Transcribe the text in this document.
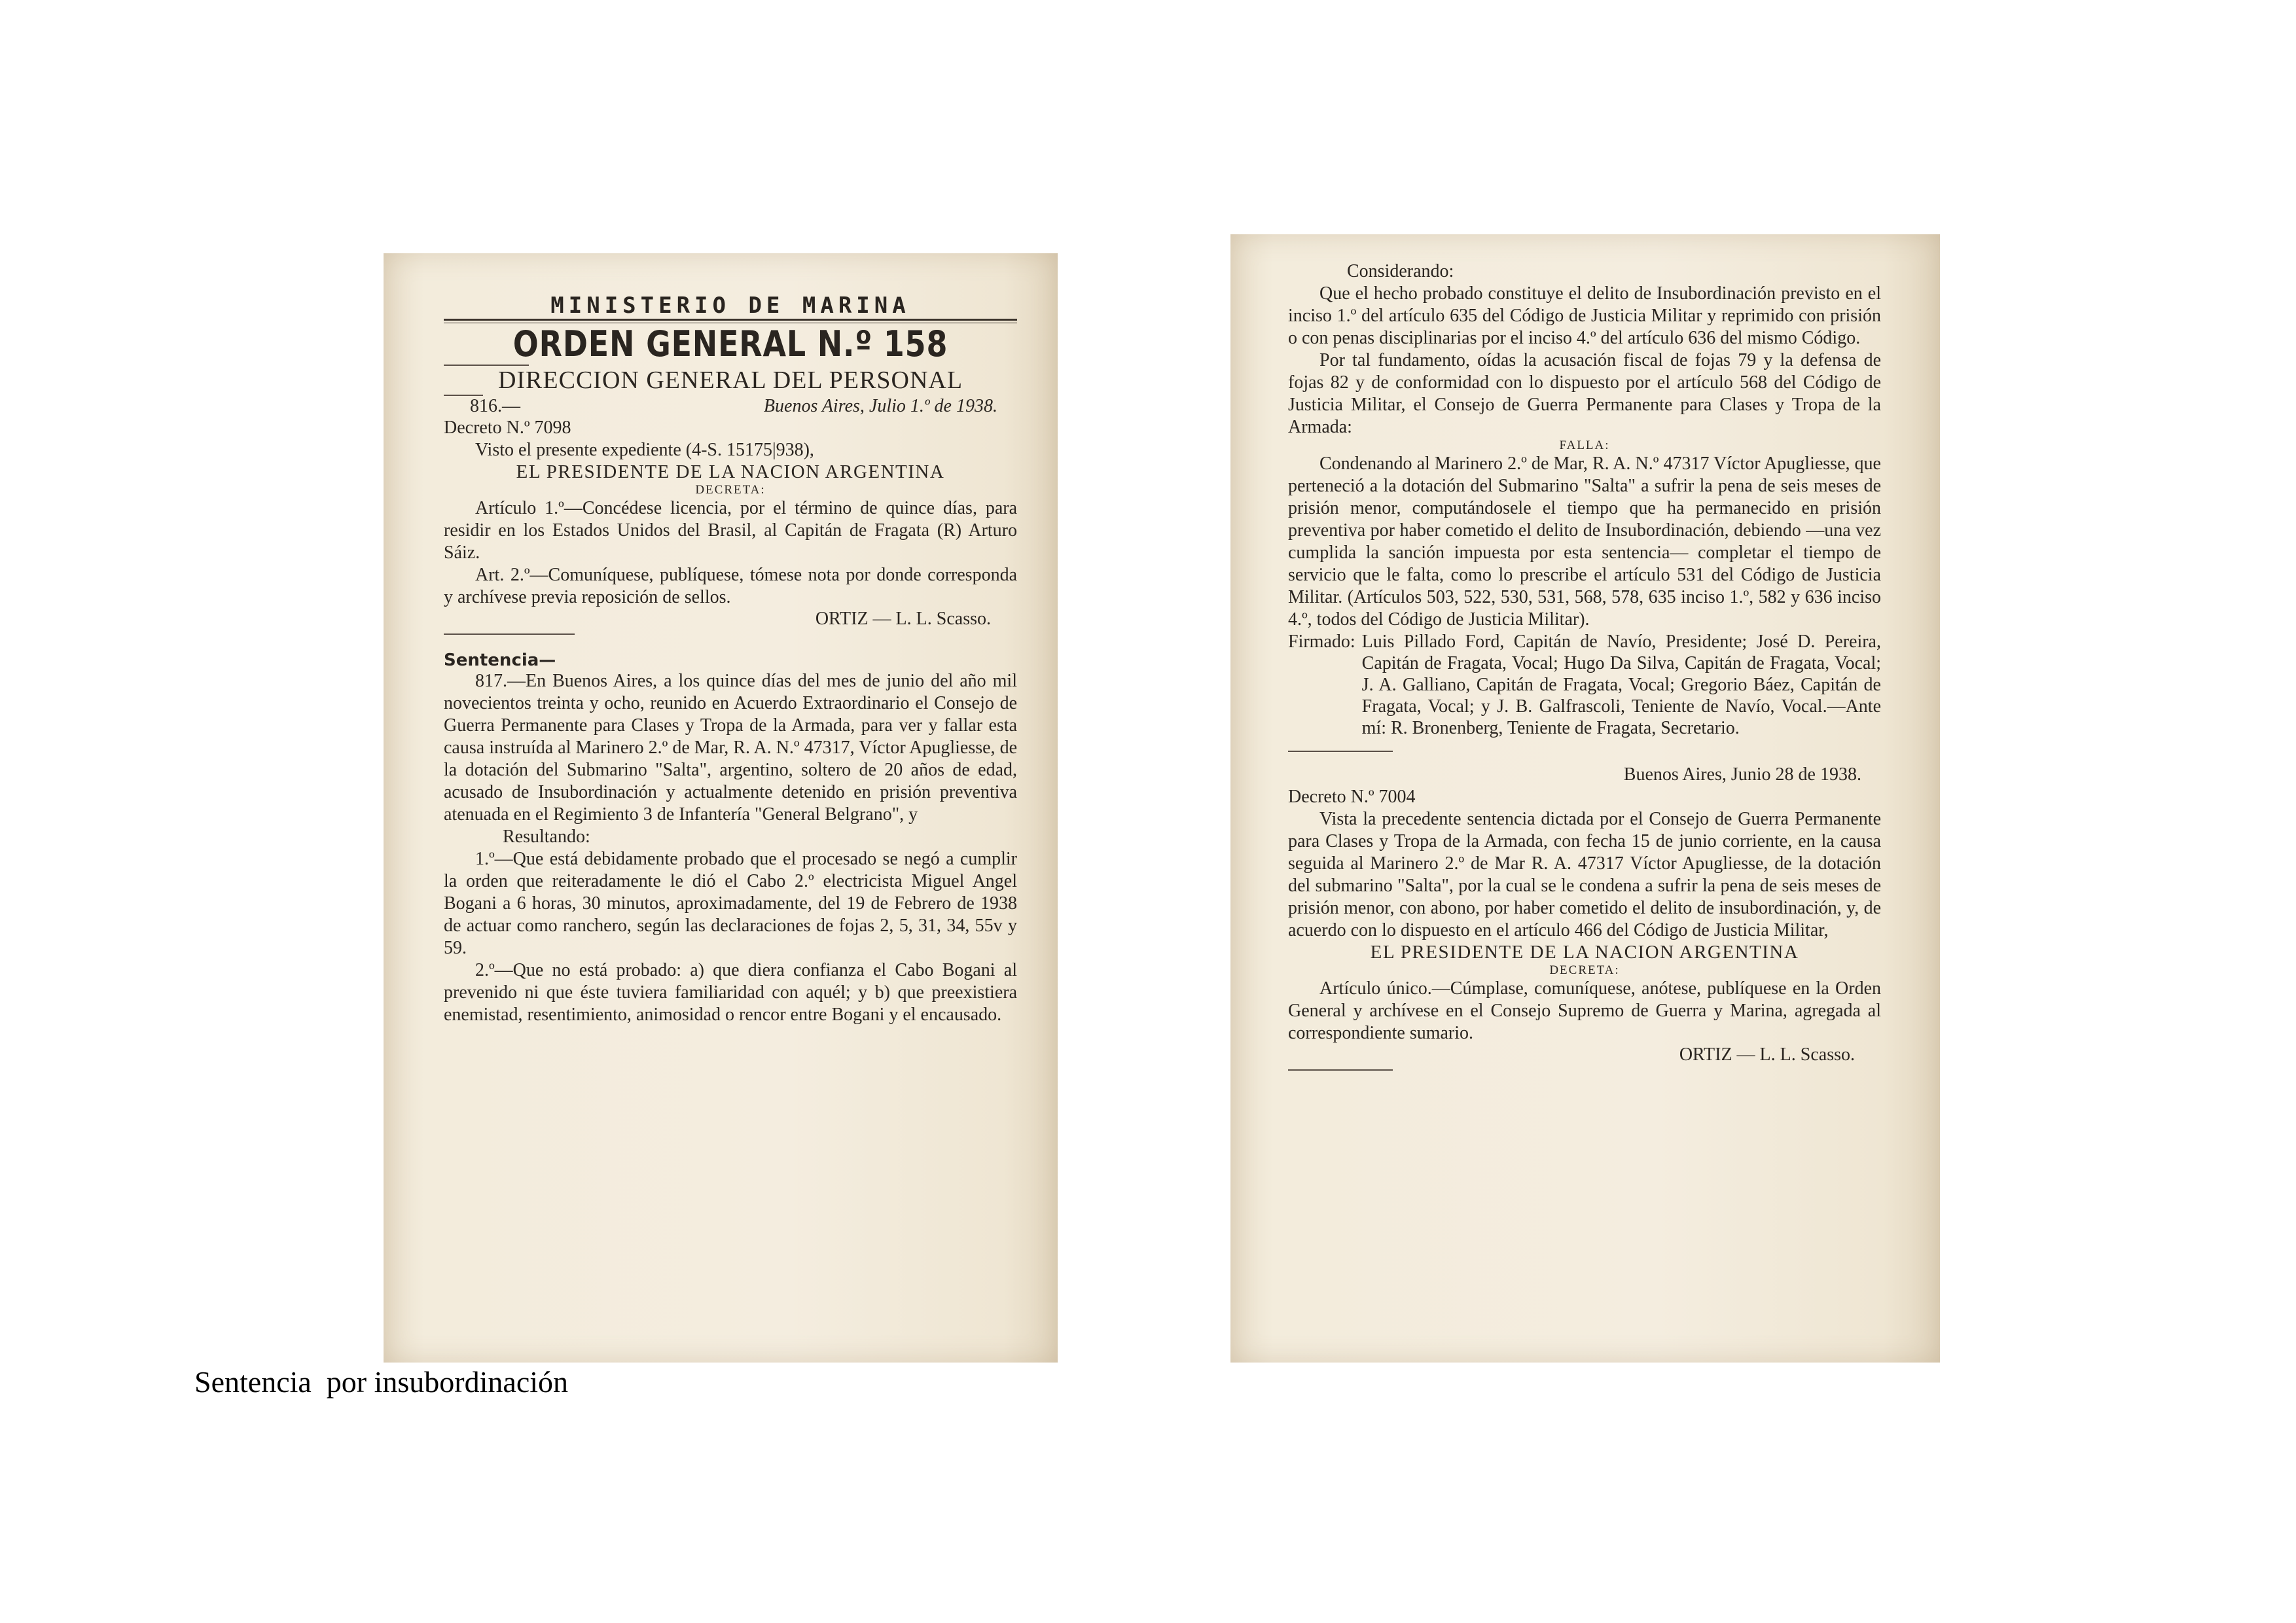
MINISTERIO DE MARINA
ORDEN GENERAL N.º 158
DIRECCION GENERAL DEL PERSONAL
816.—	Buenos Aires, Julio 1.º de 1938.

Decreto N.º 7098

Visto el presente expediente (4-S. 15175|938),

EL PRESIDENTE DE LA NACION ARGENTINA

DECRETA:

Artículo 1.º—Concédese licencia, por el término de quince días, para residir en los Estados Unidos del Brasil, al Capitán de Fragata (R) Arturo Sáiz.

Art. 2.º—Comuníquese, publíquese, tómese nota por donde corresponda y archívese previa reposición de sellos.

ORTIZ — L. L. Scasso.

Sentencia—

817.—En Buenos Aires, a los quince días del mes de junio del año mil novecientos treinta y ocho, reunido en Acuerdo Extraordinario el Consejo de Guerra Permanente para Clases y Tropa de la Armada, para ver y fallar esta causa instruída al Marinero 2.º de Mar, R. A. N.º 47317, Víctor Apugliesse, de la dotación del Submarino "Salta", argentino, soltero de 20 años de edad, acusado de Insubordinación y actualmente detenido en prisión preventiva atenuada en el Regimiento 3 de Infantería "General Belgrano", y

Resultando:

1.º—Que está debidamente probado que el procesado se negó a cumplir la orden que reiteradamente le dió el Cabo 2.º electricista Miguel Angel Bogani a 6 horas, 30 minutos, aproximadamente, del 19 de Febrero de 1938 de actuar como ranchero, según las declaraciones de fojas 2, 5, 31, 34, 55v y 59.

2.º—Que no está probado: a) que diera confianza el Cabo Bogani al prevenido ni que éste tuviera familiaridad con aquél; y b) que preexistiera enemistad, resentimiento, animosidad o rencor entre Bogani y el encausado.

Considerando:

Que el hecho probado constituye el delito de Insubordinación previsto en el inciso 1.º del artículo 635 del Código de Justicia Militar y reprimido con prisión o con penas disciplinarias por el inciso 4.º del artículo 636 del mismo Código.

Por tal fundamento, oídas la acusación fiscal de fojas 79 y la defensa de fojas 82 y de conformidad con lo dispuesto por el artículo 568 del Código de Justicia Militar, el Consejo de Guerra Permanente para Clases y Tropa de la Armada:

FALLA:

Condenando al Marinero 2.º de Mar, R. A. N.º 47317 Víctor Apugliesse, que perteneció a la dotación del Submarino "Salta" a sufrir la pena de seis meses de prisión menor, computándosele el tiempo que ha permanecido en prisión preventiva por haber cometido el delito de Insubordinación, debiendo —una vez cumplida la sanción impuesta por esta sentencia— completar el tiempo de servicio que le falta, como lo prescribe el artículo 531 del Código de Justicia Militar. (Artículos 503, 522, 530, 531, 568, 578, 635 inciso 1.º, 582 y 636 inciso 4.º, todos del Código de Justicia Militar).

Firmado: Luis Pillado Ford, Capitán de Navío, Presidente; José D. Pereira, Capitán de Fragata, Vocal; Hugo Da Silva, Capitán de Fragata, Vocal; J. A. Galliano, Capitán de Fragata, Vocal; Gregorio Báez, Capitán de Fragata, Vocal; y J. B. Galfrascoli, Teniente de Navío, Vocal.—Ante mí: R. Bronenberg, Teniente de Fragata, Secretario.

Buenos Aires, Junio 28 de 1938.

Decreto N.º 7004

Vista la precedente sentencia dictada por el Consejo de Guerra Permanente para Clases y Tropa de la Armada, con fecha 15 de junio corriente, en la causa seguida al Marinero 2.º de Mar R. A. 47317 Víctor Apugliesse, de la dotación del submarino "Salta", por la cual se le condena a sufrir la pena de seis meses de prisión menor, con abono, por haber cometido el delito de insubordinación, y, de acuerdo con lo dispuesto en el artículo 466 del Código de Justicia Militar,

EL PRESIDENTE DE LA NACION ARGENTINA

DECRETA:

Artículo único.—Cúmplase, comuníquese, anótese, publíquese en la Orden General y archívese en el Consejo Supremo de Guerra y Marina, agregada al correspondiente sumario.

ORTIZ — L. L. Scasso.

Sentencia  por insubordinación
